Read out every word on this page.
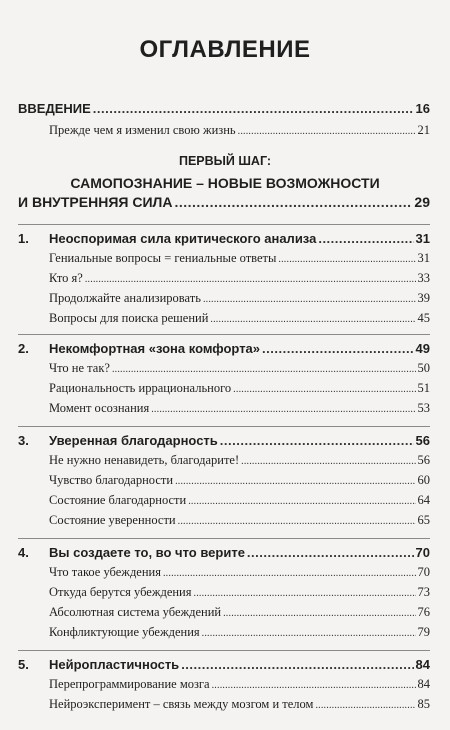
ОГЛАВЛЕНИЕ
ВВЕДЕНИЕ .....	16
Прежде чем я изменил свою жизнь .....	21
ПЕРВЫЙ ШАГ:
САМОПОЗНАНИЕ – НОВЫЕ ВОЗМОЖНОСТИ
И ВНУТРЕННЯЯ СИЛА .....	29
1. Неоспоримая сила критического анализа .....	31
Гениальные вопросы = гениальные ответы .....	31
Кто я? .....	33
Продолжайте анализировать .....	39
Вопросы для поиска решений .....	45
2. Некомфортная «зона комфорта» .....	49
Что не так? .....	50
Рациональность иррационального .....	51
Момент осознания .....	53
3. Уверенная благодарность .....	56
Не нужно ненавидеть, благодарите! .....	56
Чувство благодарности .....	60
Состояние благодарности .....	64
Состояние уверенности .....	65
4. Вы создаете то, во что верите .....	70
Что такое убеждения .....	70
Откуда берутся убеждения .....	73
Абсолютная система убеждений .....	76
Конфликтующие убеждения .....	79
5. Нейропластичность .....	84
Перепрограммирование мозга .....	84
Нейроэксперимент – связь между мозгом и телом .....	85
